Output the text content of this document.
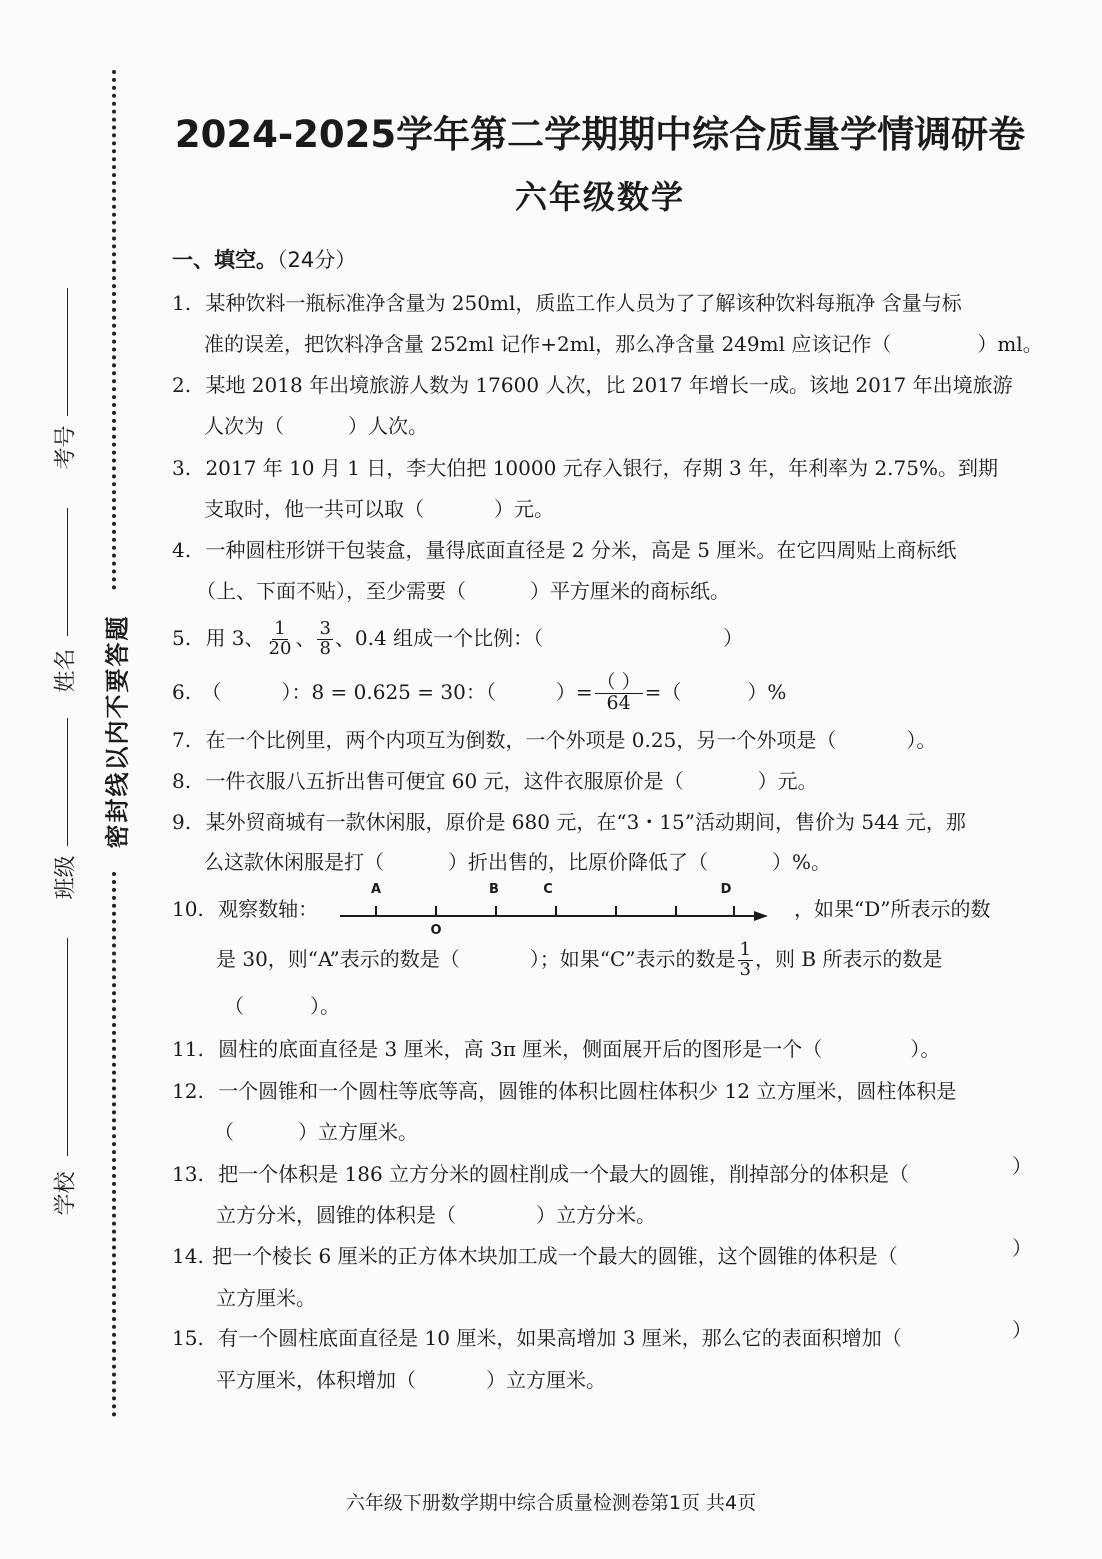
考号
姓名
班级
学校
密封线以内不要答题
2024-2025学年第二学期期中综合质量学情调研卷
六年级数学
一、填空。（24分）
1. 某种饮料一瓶标准净含量为 250ml，质监工作人员为了了解该种饮料每瓶净 含量与标
准的误差，把饮料净含量 252ml 记作+2ml，那么净含量 249ml 应该记作（	）ml。
2. 某地 2018 年出境旅游人数为 17600 人次，比 2017 年增长一成。该地 2017 年出境旅游
人次为（	）人次。
3. 2017 年 10 月 1 日，李大伯把 10000 元存入银行，存期 3 年，年利率为 2.75%。到期
支取时，他一共可以取（	）元。
4. 一种圆柱形饼干包装盒，量得底面直径是 2 分米，高是 5 厘米。在它四周贴上商标纸
（上、下面不贴），至少需要（	）平方厘米的商标纸。
5. 用 3、 $\frac{1}{20}$ 、 $\frac{3}{8}$ 、0.4 组成一个比例：（	）
6. （	）：8 = 0.625 = 30：（	）= $\frac{( )}{64}$ =（	）%
7. 在一个比例里，两个内项互为倒数，一个外项是 0.25，另一个外项是（	）。
8. 一件衣服八五折出售可便宜 60 元，这件衣服原价是（	）元。
9. 某外贸商城有一款休闲服，原价是 680 元，在“3・15”活动期间，售价为 544 元，那
么这款休闲服是打（	）折出售的，比原价降低了（	）%。
10. 观察数轴：
A	B	C	D
O
，如果“D”所表示的数
是 30，则“A”表示的数是（	）；如果“C”表示的数是 $\frac{1}{3}$ ，则 B 所表示的数是
（	）。
11. 圆柱的底面直径是 3 厘米，高 3π 厘米，侧面展开后的图形是一个（	）。
12. 一个圆锥和一个圆柱等底等高，圆锥的体积比圆柱体积少 12 立方厘米，圆柱体积是
（	）立方厘米。
13. 把一个体积是 186 立方分米的圆柱削成一个最大的圆锥，削掉部分的体积是（	）
立方分米，圆锥的体积是（	）立方分米。
14. 把一个棱长 6 厘米的正方体木块加工成一个最大的圆锥，这个圆锥的体积是（	）
立方厘米。
15. 有一个圆柱底面直径是 10 厘米，如果高增加 3 厘米，那么它的表面积增加（	）
平方厘米，体积增加（	）立方厘米。
六年级下册数学期中综合质量检测卷第1页 共4页
